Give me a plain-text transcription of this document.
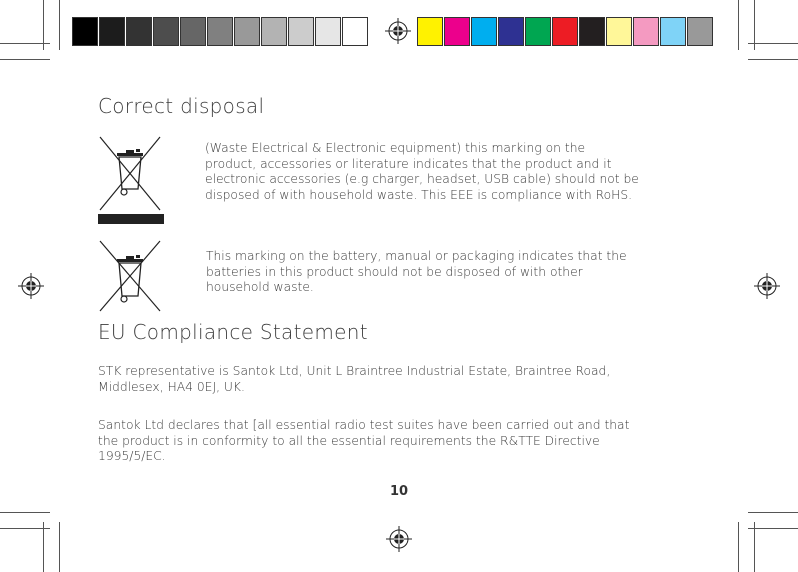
Correct disposal

(Waste Electrical & Electronic equipment) this marking on the
product, accessories or literature indicates that the product and it
electronic accessories (e.g charger, headset, USB cable) should not be
disposed of with household waste. This EEE is compliance with RoHS.

This marking on the battery, manual or packaging indicates that the
batteries in this product should not be disposed of with other
household waste.

EU Compliance Statement

STK representative is Santok Ltd, Unit L Braintree Industrial Estate, Braintree Road,
Middlesex, HA4 0EJ, UK.

Santok Ltd declares that [all essential radio test suites have been carried out and that
the product is in conformity to all the essential requirements the R&TTE Directive
1995/5/EC.

10
